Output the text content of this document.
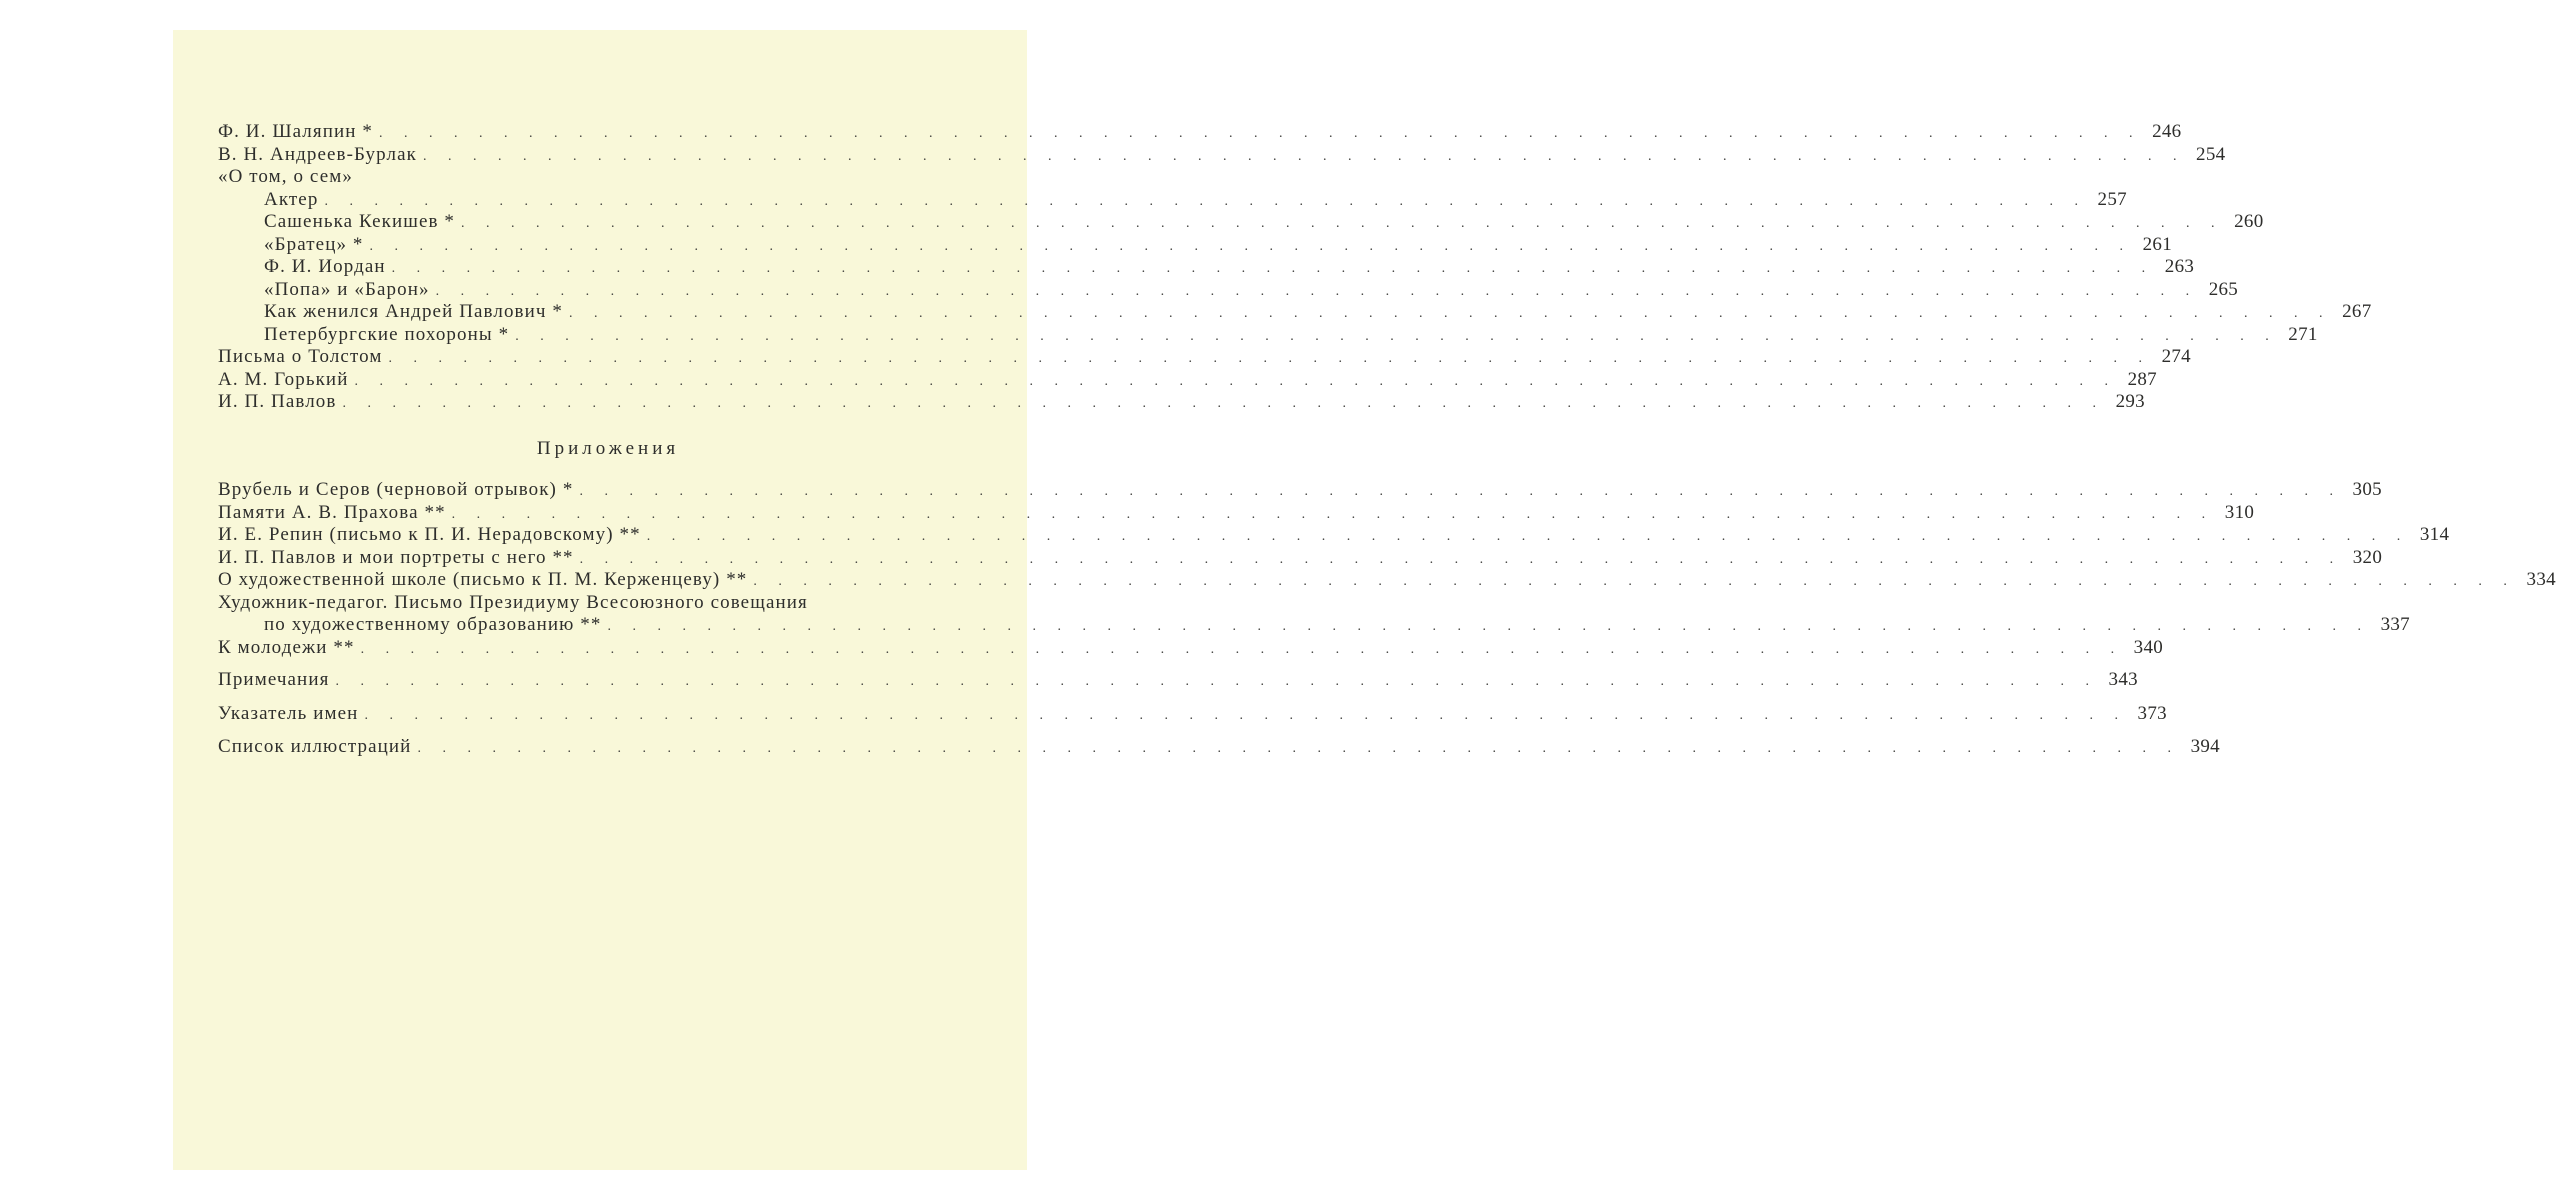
Ф. И. Шаляпин * . . . . . . . . . . . . . . . . . . . . . . . . . . . . . . . . . . . . . . . . . . . . . . . . . . . . . . . . . . . . . . . . . . . . . . . 246
В. Н. Андреев-Бурлак . . . . . . . . . . . . . . . . . . . . . . . . . . . . . . . . . . . . . . . . . . . . . . . . . . . . . . . . . . . . . . . . . . . . . . . 254
«О том, о сем»
Актер . . . . . . . . . . . . . . . . . . . . . . . . . . . . . . . . . . . . . . . . . . . . . . . . . . . . . . . . . . . . . . . . . . . . . . . 257
Сашенька Кекишев * . . . . . . . . . . . . . . . . . . . . . . . . . . . . . . . . . . . . . . . . . . . . . . . . . . . . . . . . . . . . . . . . . . . . . . . 260
«Братец» * . . . . . . . . . . . . . . . . . . . . . . . . . . . . . . . . . . . . . . . . . . . . . . . . . . . . . . . . . . . . . . . . . . . . . . . 261
Ф. И. Иордан . . . . . . . . . . . . . . . . . . . . . . . . . . . . . . . . . . . . . . . . . . . . . . . . . . . . . . . . . . . . . . . . . . . . . . . 263
«Попа» и «Барон» . . . . . . . . . . . . . . . . . . . . . . . . . . . . . . . . . . . . . . . . . . . . . . . . . . . . . . . . . . . . . . . . . . . . . . . 265
Как женился Андрей Павлович * . . . . . . . . . . . . . . . . . . . . . . . . . . . . . . . . . . . . . . . . . . . . . . . . . . . . . . . . . . . . . . . . . . . . . . . 267
Петербургские похороны * . . . . . . . . . . . . . . . . . . . . . . . . . . . . . . . . . . . . . . . . . . . . . . . . . . . . . . . . . . . . . . . . . . . . . . . 271
Письма о Толстом . . . . . . . . . . . . . . . . . . . . . . . . . . . . . . . . . . . . . . . . . . . . . . . . . . . . . . . . . . . . . . . . . . . . . . . 274
А. М. Горький . . . . . . . . . . . . . . . . . . . . . . . . . . . . . . . . . . . . . . . . . . . . . . . . . . . . . . . . . . . . . . . . . . . . . . . 287
И. П. Павлов . . . . . . . . . . . . . . . . . . . . . . . . . . . . . . . . . . . . . . . . . . . . . . . . . . . . . . . . . . . . . . . . . . . . . . . 293
Приложения
Врубель и Серов (черновой отрывок) * . . . . . . . . . . . . . . . . . . . . . . . . . . . . . . . . . . . . . . . . . . . . . . . . . . . . . . . . . . . . . . . . . . . . . . . 305
Памяти А. В. Прахова ** . . . . . . . . . . . . . . . . . . . . . . . . . . . . . . . . . . . . . . . . . . . . . . . . . . . . . . . . . . . . . . . . . . . . . . . 310
И. Е. Репин (письмо к П. И. Нерадовскому) ** . . . . . . . . . . . . . . . . . . . . . . . . . . . . . . . . . . . . . . . . . . . . . . . . . . . . . . . . . . . . . . . . . . . . . . . 314
И. П. Павлов и мои портреты с него ** . . . . . . . . . . . . . . . . . . . . . . . . . . . . . . . . . . . . . . . . . . . . . . . . . . . . . . . . . . . . . . . . . . . . . . . 320
О художественной школе (письмо к П. М. Керженцеву) ** . . . . . . . . . . . . . . . . . . . . . . . . . . . . . . . . . . . . . . . . . . . . . . . . . . . . . . . . . . . . . . . . . . . . . . . 334
Художник-педагог. Письмо Президиуму Всесоюзного совещания
по художественному образованию ** . . . . . . . . . . . . . . . . . . . . . . . . . . . . . . . . . . . . . . . . . . . . . . . . . . . . . . . . . . . . . . . . . . . . . . . 337
К молодежи ** . . . . . . . . . . . . . . . . . . . . . . . . . . . . . . . . . . . . . . . . . . . . . . . . . . . . . . . . . . . . . . . . . . . . . . . 340
Примечания . . . . . . . . . . . . . . . . . . . . . . . . . . . . . . . . . . . . . . . . . . . . . . . . . . . . . . . . . . . . . . . . . . . . . . . 343
Указатель имен . . . . . . . . . . . . . . . . . . . . . . . . . . . . . . . . . . . . . . . . . . . . . . . . . . . . . . . . . . . . . . . . . . . . . . . 373
Список иллюстраций . . . . . . . . . . . . . . . . . . . . . . . . . . . . . . . . . . . . . . . . . . . . . . . . . . . . . . . . . . . . . . . . . . . . . . . 394
